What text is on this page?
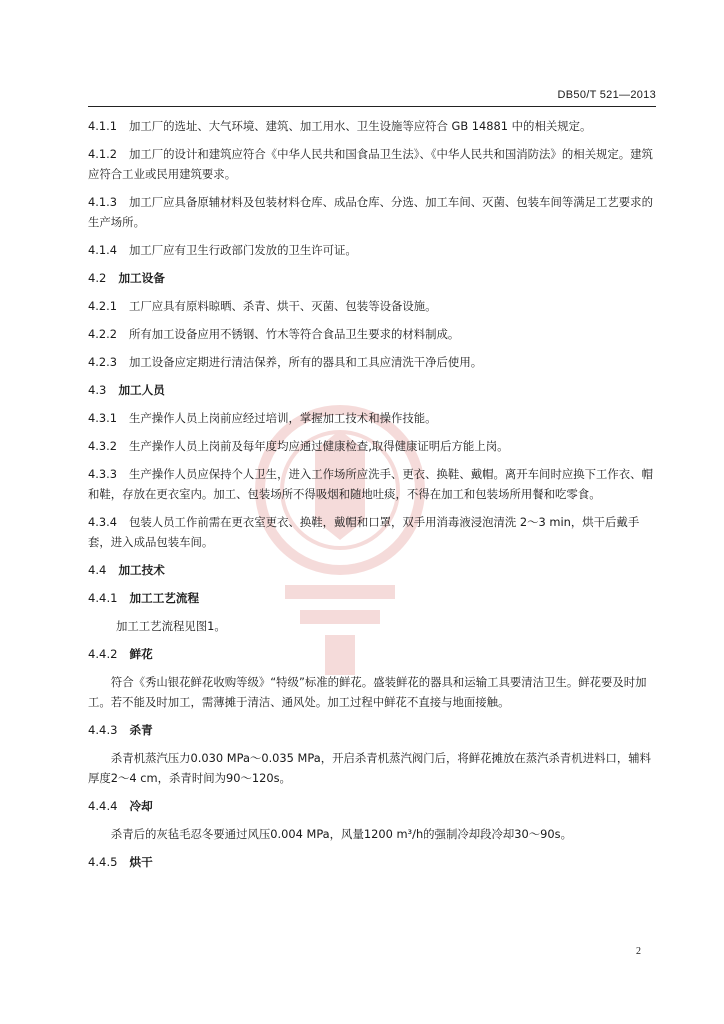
DB50/T 521—2013
4.1.1 加工厂的选址、大气环境、建筑、加工用水、卫生设施等应符合 GB 14881 中的相关规定。
4.1.2 加工厂的设计和建筑应符合《中华人民共和国食品卫生法》、《中华人民共和国消防法》的相关规定。建筑应符合工业或民用建筑要求。
4.1.3 加工厂应具备原辅材料及包装材料仓库、成品仓库、分选、加工车间、灭菌、包装车间等满足工艺要求的生产场所。
4.1.4 加工厂应有卫生行政部门发放的卫生许可证。
4.2 加工设备
4.2.1 工厂应具有原料晾晒、杀青、烘干、灭菌、包装等设备设施。
4.2.2 所有加工设备应用不锈钢、竹木等符合食品卫生要求的材料制成。
4.2.3 加工设备应定期进行清洁保养，所有的器具和工具应清洗干净后使用。
4.3 加工人员
4.3.1 生产操作人员上岗前应经过培训，掌握加工技术和操作技能。
4.3.2 生产操作人员上岗前及每年度均应通过健康检查,取得健康证明后方能上岗。
4.3.3 生产操作人员应保持个人卫生，进入工作场所应洗手、更衣、换鞋、戴帽。离开车间时应换下工作衣、帽和鞋，存放在更衣室内。加工、包装场所不得吸烟和随地吐痰，不得在加工和包装场所用餐和吃零食。
4.3.4 包装人员工作前需在更衣室更衣、换鞋，戴帽和口罩，双手用消毒液浸泡清洗 2～3 min，烘干后戴手套，进入成品包装车间。
4.4 加工技术
4.4.1 加工工艺流程
加工工艺流程见图1。
4.4.2 鲜花
符合《秀山银花鲜花收购等级》“特级”标准的鲜花。盛装鲜花的器具和运输工具要清洁卫生。鲜花要及时加工。若不能及时加工，需薄摊于清洁、通风处。加工过程中鲜花不直接与地面接触。
4.4.3 杀青
杀青机蒸汽压力0.030 MPa～0.035 MPa，开启杀青机蒸汽阀门后，将鲜花摊放在蒸汽杀青机进料口，辅料厚度2～4 cm，杀青时间为90～120s。
4.4.4 冷却
杀青后的灰毡毛忍冬要通过风压0.004 MPa，风量1200 m³/h的强制冷却段冷却30～90s。
4.4.5 烘干
2
